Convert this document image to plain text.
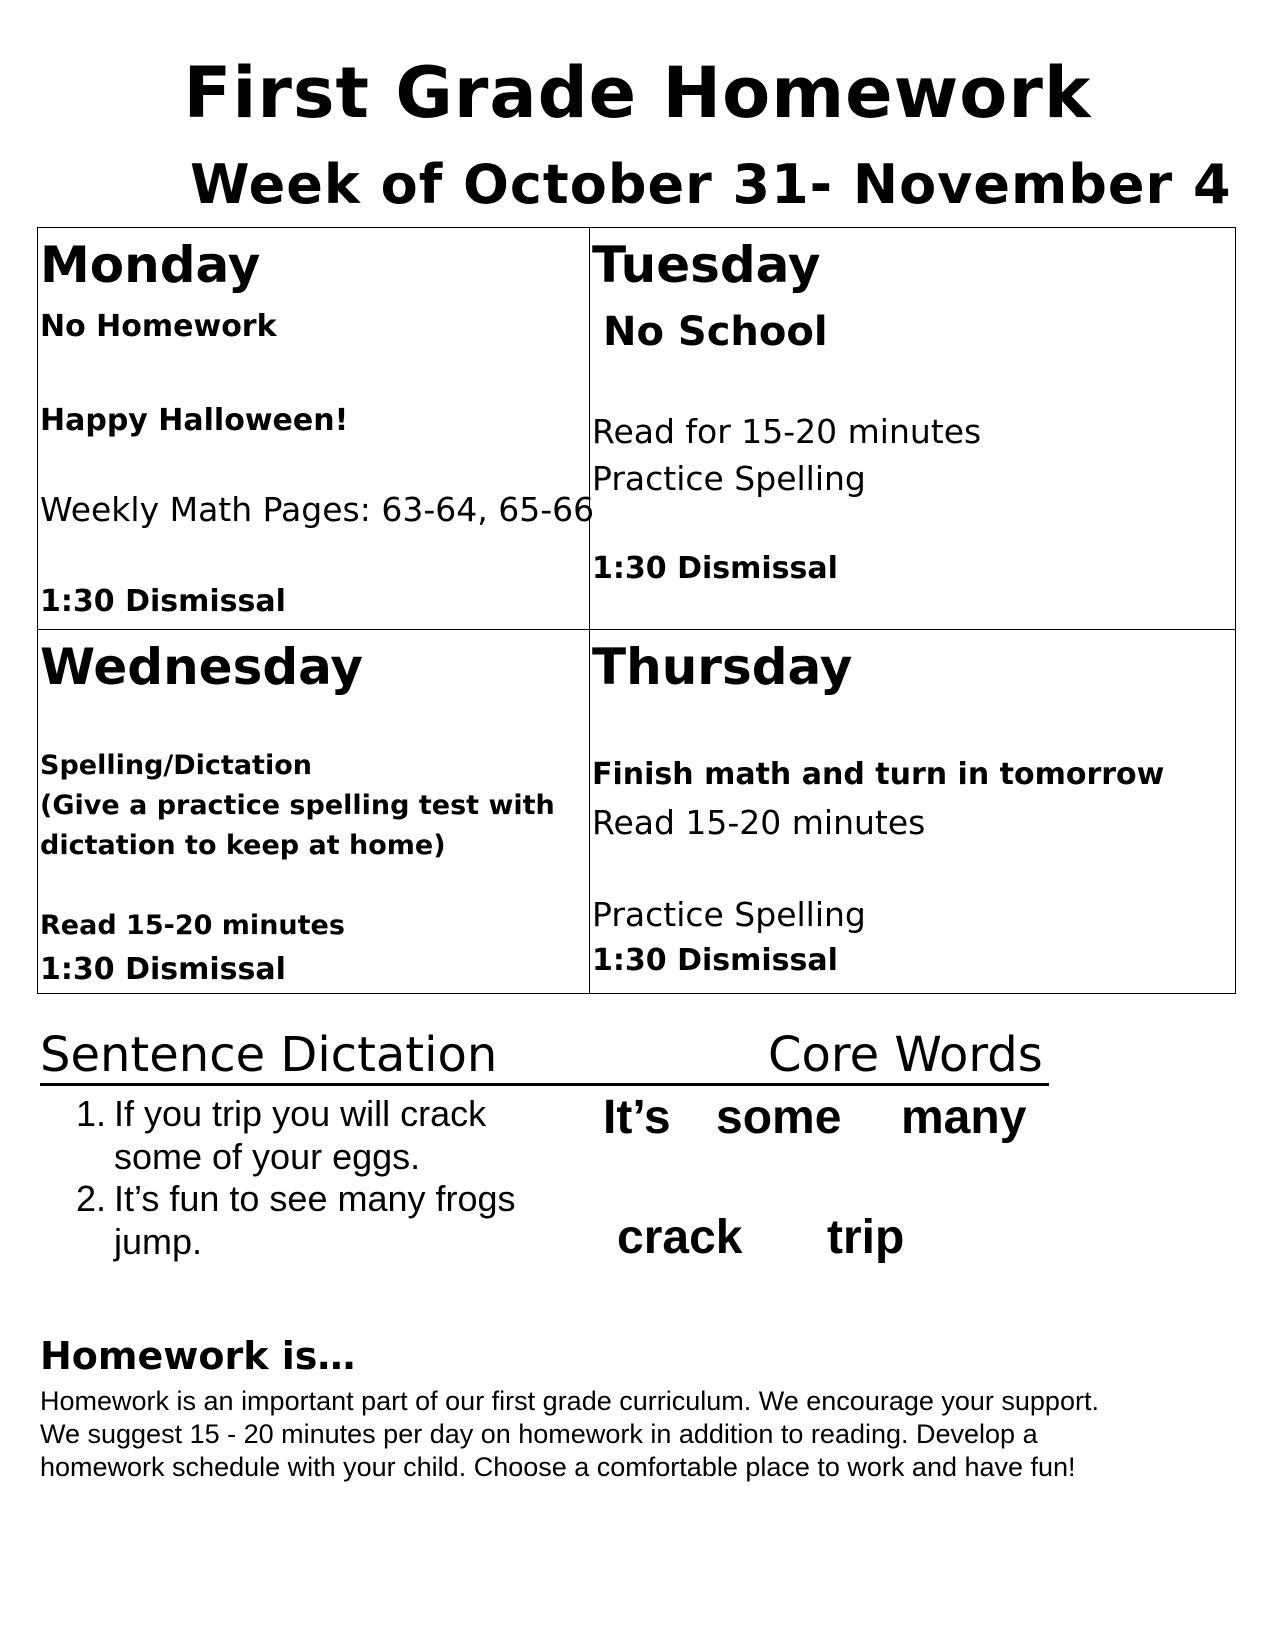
First Grade Homework
Week of October 31- November 4
Monday
No Homework
Happy Halloween!
Weekly Math Pages: 63-64, 65-66
1:30 Dismissal
Tuesday
No School
Read for 15-20 minutes
Practice Spelling
1:30 Dismissal
Wednesday
Spelling/Dictation
(Give a practice spelling test with
dictation to keep at home)
Read 15-20 minutes
1:30 Dismissal
Thursday
Finish math and turn in tomorrow
Read 15-20 minutes
Practice Spelling
1:30 Dismissal
Sentence Dictation	Core Words
1. If you trip you will crack
some of your eggs.
2. It’s fun to see many frogs
jump.
It’s some many
crack trip
Homework is…
Homework is an important part of our first grade curriculum. We encourage your support.
We suggest 15 - 20 minutes per day on homework in addition to reading. Develop a
homework schedule with your child. Choose a comfortable place to work and have fun!
